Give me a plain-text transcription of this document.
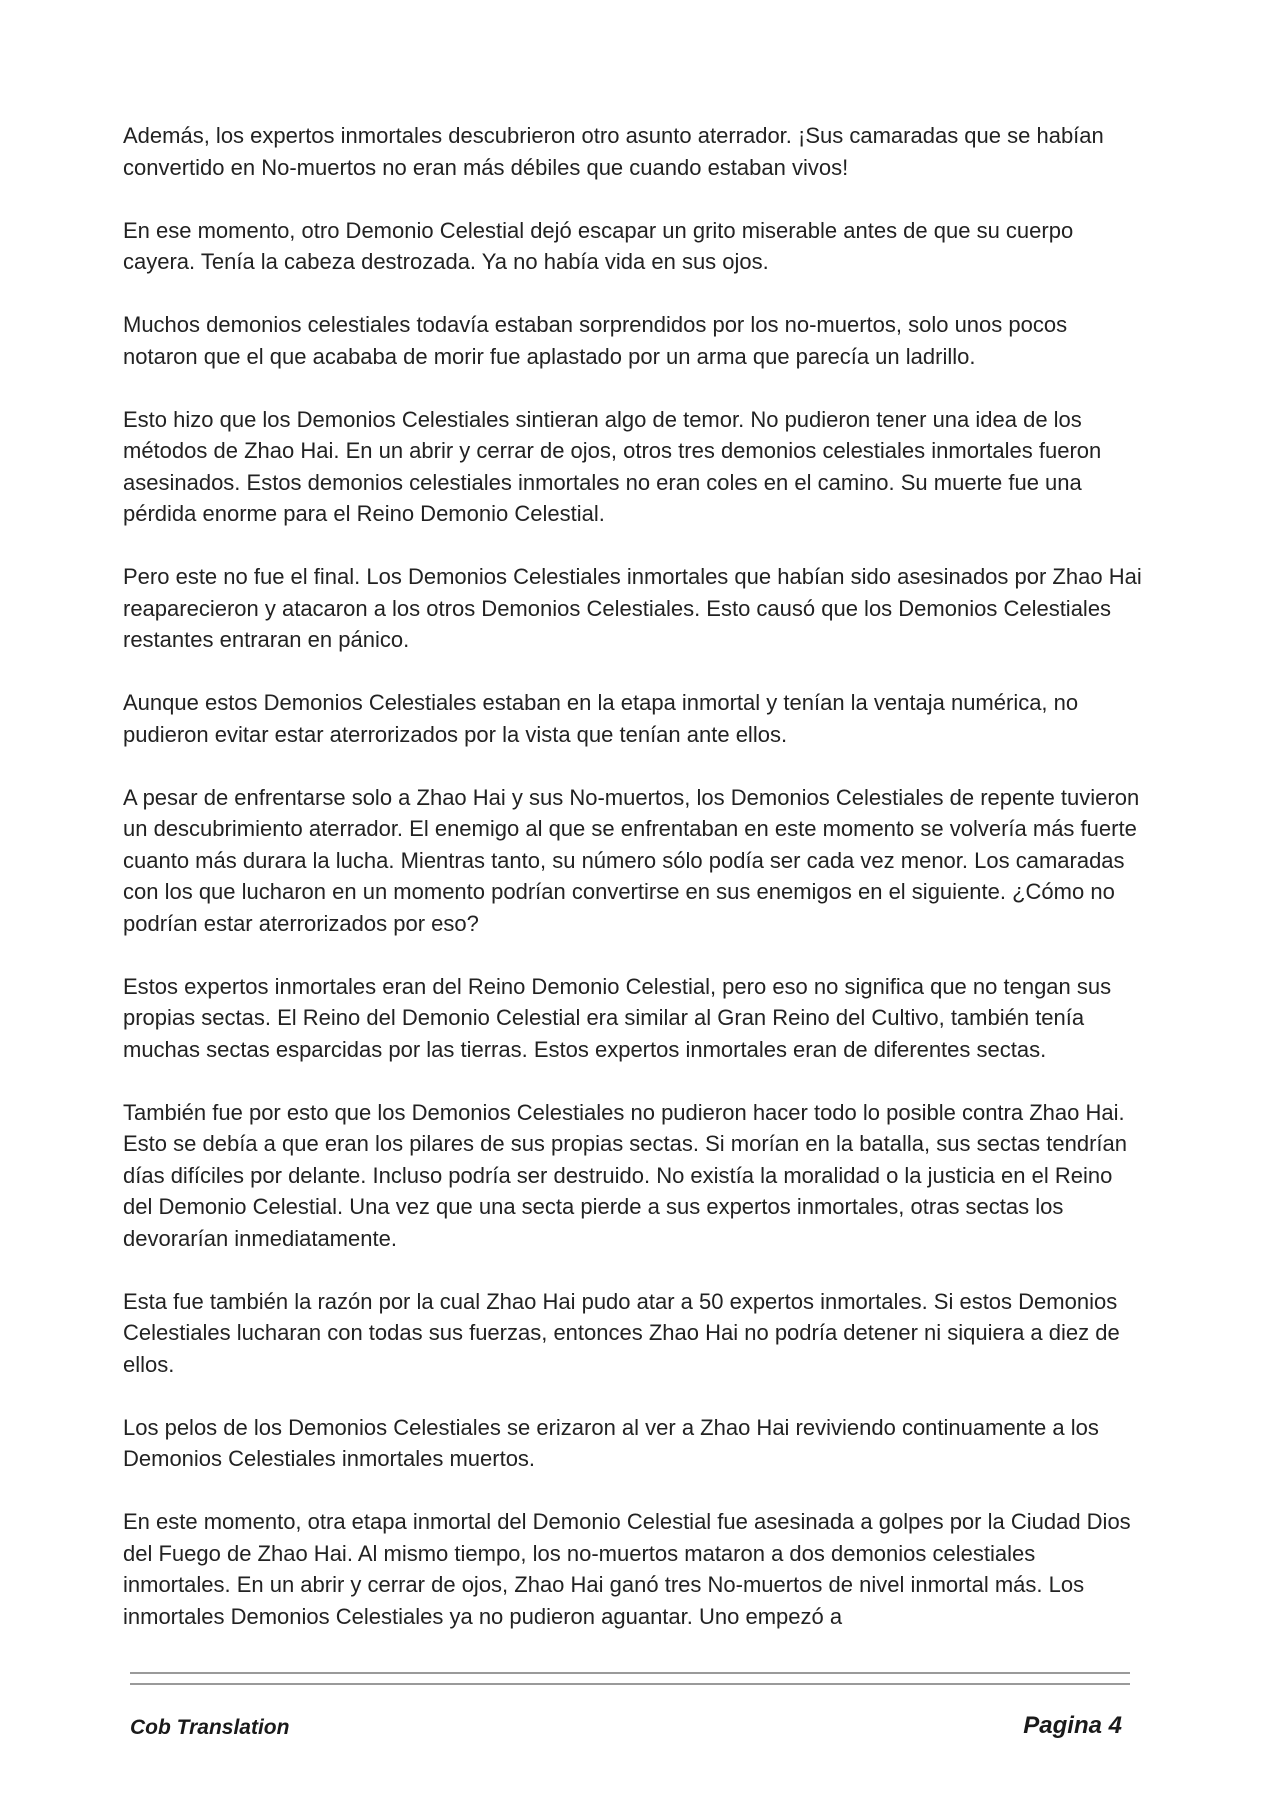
Además, los expertos inmortales descubrieron otro asunto aterrador. ¡Sus camaradas que se habían convertido en No-muertos no eran más débiles que cuando estaban vivos!

En ese momento, otro Demonio Celestial dejó escapar un grito miserable antes de que su cuerpo cayera. Tenía la cabeza destrozada. Ya no había vida en sus ojos.

Muchos demonios celestiales todavía estaban sorprendidos por los no-muertos, solo unos pocos notaron que el que acababa de morir fue aplastado por un arma que parecía un ladrillo.

Esto hizo que los Demonios Celestiales sintieran algo de temor. No pudieron tener una idea de los métodos de Zhao Hai. En un abrir y cerrar de ojos, otros tres demonios celestiales inmortales fueron asesinados. Estos demonios celestiales inmortales no eran coles en el camino. Su muerte fue una pérdida enorme para el Reino Demonio Celestial.

Pero este no fue el final. Los Demonios Celestiales inmortales que habían sido asesinados por Zhao Hai reaparecieron y atacaron a los otros Demonios Celestiales. Esto causó que los Demonios Celestiales restantes entraran en pánico.

Aunque estos Demonios Celestiales estaban en la etapa inmortal y tenían la ventaja numérica, no pudieron evitar estar aterrorizados por la vista que tenían ante ellos.

A pesar de enfrentarse solo a Zhao Hai y sus No-muertos, los Demonios Celestiales de repente tuvieron un descubrimiento aterrador. El enemigo al que se enfrentaban en este momento se volvería más fuerte cuanto más durara la lucha. Mientras tanto, su número sólo podía ser cada vez menor. Los camaradas con los que lucharon en un momento podrían convertirse en sus enemigos en el siguiente. ¿Cómo no podrían estar aterrorizados por eso?

Estos expertos inmortales eran del Reino Demonio Celestial, pero eso no significa que no tengan sus propias sectas. El Reino del Demonio Celestial era similar al Gran Reino del Cultivo, también tenía muchas sectas esparcidas por las tierras. Estos expertos inmortales eran de diferentes sectas.

También fue por esto que los Demonios Celestiales no pudieron hacer todo lo posible contra Zhao Hai. Esto se debía a que eran los pilares de sus propias sectas. Si morían en la batalla, sus sectas tendrían días difíciles por delante. Incluso podría ser destruido. No existía la moralidad o la justicia en el Reino del Demonio Celestial. Una vez que una secta pierde a sus expertos inmortales, otras sectas los devorarían inmediatamente.

Esta fue también la razón por la cual Zhao Hai pudo atar a 50 expertos inmortales. Si estos Demonios Celestiales lucharan con todas sus fuerzas, entonces Zhao Hai no podría detener ni siquiera a diez de ellos.

Los pelos de los Demonios Celestiales se erizaron al ver a Zhao Hai reviviendo continuamente a los Demonios Celestiales inmortales muertos.

En este momento, otra etapa inmortal del Demonio Celestial fue asesinada a golpes por la Ciudad Dios del Fuego de Zhao Hai. Al mismo tiempo, los no-muertos mataron a dos demonios celestiales inmortales. En un abrir y cerrar de ojos, Zhao Hai ganó tres No-muertos de nivel inmortal más. Los inmortales Demonios Celestiales ya no pudieron aguantar. Uno empezó a

Cob Translation	Pagina 4
